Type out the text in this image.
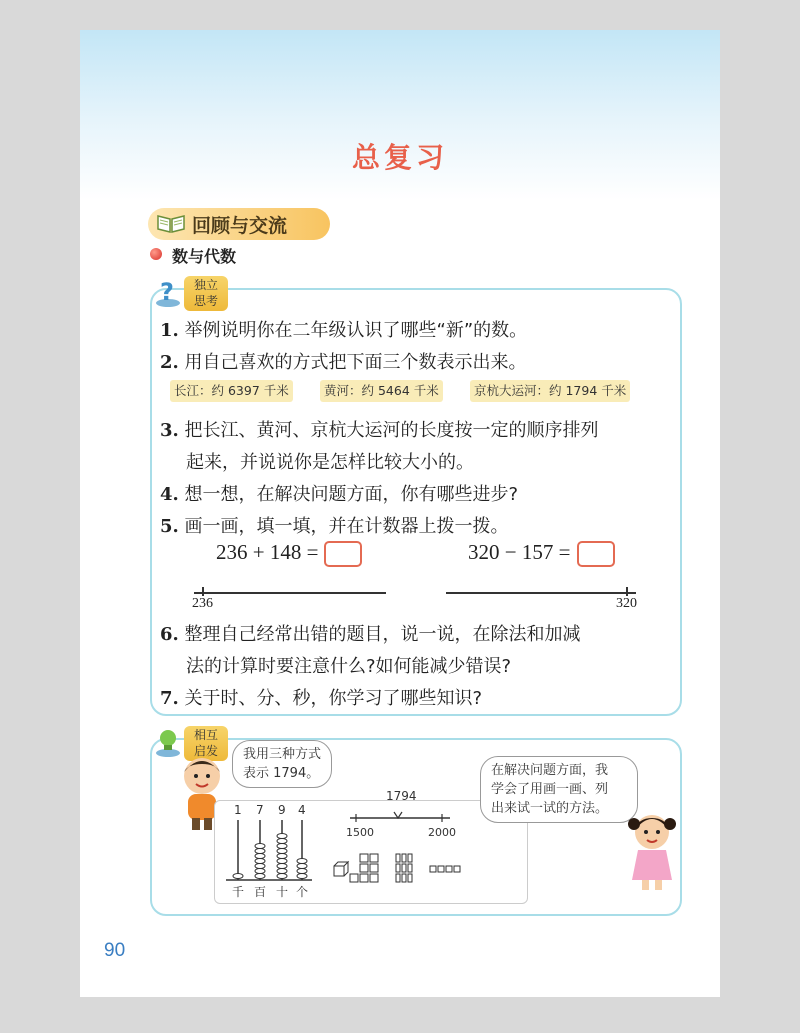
总复习
回顾与交流
数与代数
?	独立
思考
1. 举例说明你在二年级认识了哪些“新”的数。
2. 用自己喜欢的方式把下面三个数表示出来。
长江：约 6397 千米	黄河：约 5464 千米	京杭大运河：约 1794 千米
3. 把长江、黄河、京杭大运河的长度按一定的顺序排列
起来，并说说你是怎样比较大小的。
4. 想一想，在解决问题方面，你有哪些进步?
5. 画一画，填一填，并在计数器上拨一拨。
236 + 148 =	320 − 157 =
236	320
6. 整理自己经常出错的题目，说一说，在除法和加减
法的计算时要注意什么?如何能减少错误?
7. 关于时、分、秒，你学习了哪些知识?
相互
启发	我用三种方式
表示 1794。
1 7 9 4
千 百 十 个
1794
1500	2000
在解决问题方面，我
学会了用画一画、列
出来试一试的方法。
90
